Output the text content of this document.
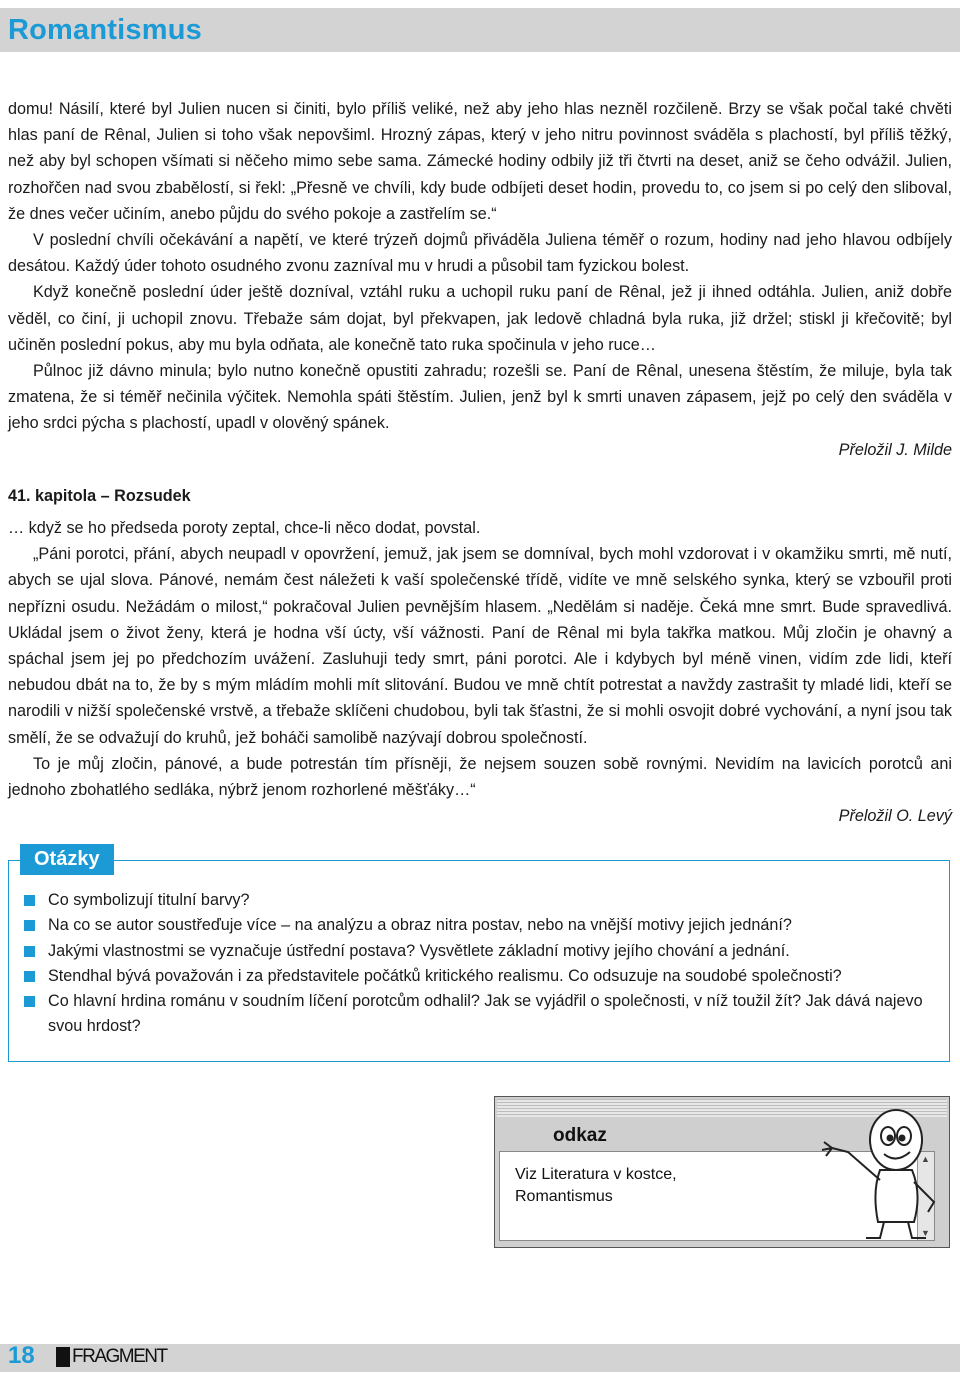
Romantismus

domu! Násilí, které byl Julien nucen si činiti, bylo příliš veliké, než aby jeho hlas nezněl rozčileně. Brzy se však počal také chvěti hlas paní de Rênal, Julien si toho však nepovšiml. Hrozný zápas, který v jeho nitru povinnost sváděla s plachostí, byl příliš těžký, než aby byl schopen všímati si něčeho mimo sebe sama. Zámecké hodiny odbily již tři čtvrti na deset, aniž se čeho odvážil. Julien, rozhořčen nad svou zbabělostí, si řekl: „Přesně ve chvíli, kdy bude odbíjeti deset hodin, provedu to, co jsem si po celý den sliboval, že dnes večer učiním, anebo půjdu do svého pokoje a zastřelím se.“

V poslední chvíli očekávání a napětí, ve které trýzeň dojmů přiváděla Juliena téměř o rozum, hodiny nad jeho hlavou odbíjely desátou. Každý úder tohoto osudného zvonu zazníval mu v hrudi a působil tam fyzickou bolest.

Když konečně poslední úder ještě dozníval, vztáhl ruku a uchopil ruku paní de Rênal, jež ji ihned odtáhla. Julien, aniž dobře věděl, co činí, ji uchopil znovu. Třebaže sám dojat, byl překvapen, jak ledově chladná byla ruka, již držel; stiskl ji křečovitě; byl učiněn poslední pokus, aby mu byla odňata, ale konečně tato ruka spočinula v jeho ruce…

Půlnoc již dávno minula; bylo nutno konečně opustiti zahradu; rozešli se. Paní de Rênal, unesena štěstím, že miluje, byla tak zmatena, že si téměř nečinila výčitek. Nemohla spáti štěstím. Julien, jenž byl k smrti unaven zápasem, jejž po celý den sváděla v jeho srdci pýcha s plachostí, upadl v olověný spánek.

Přeložil J. Milde

41. kapitola – Rozsudek

… když se ho předseda poroty zeptal, chce-li něco dodat, povstal.

„Páni porotci, přání, abych neupadl v opovržení, jemuž, jak jsem se domníval, bych mohl vzdorovat i v okamžiku smrti, mě nutí, abych se ujal slova. Pánové, nemám čest náležeti k vaší společenské třídě, vidíte ve mně selského synka, který se vzbouřil proti nepřízni osudu. Nežádám o milost,“ pokračoval Julien pevnějším hlasem. „Nedělám si naděje. Čeká mne smrt. Bude spravedlivá. Ukládal jsem o život ženy, která je hodna vší úcty, vší vážnosti. Paní de Rênal mi byla takřka matkou. Můj zločin je ohavný a spáchal jsem jej po předchozím uvážení. Zasluhuji tedy smrt, páni porotci. Ale i kdybych byl méně vinen, vidím zde lidi, kteří nebudou dbát na to, že by s mým mládím mohli mít slitování. Budou ve mně chtít potrestat a navždy zastrašit ty mladé lidi, kteří se narodili v nižší společenské vrstvě, a třebaže sklíčeni chudobou, byli tak šťastni, že si mohli osvojit dobré vychování, a nyní jsou tak smělí, že se odvažují do kruhů, jež boháči samolibě nazývají dobrou společností.

To je můj zločin, pánové, a bude potrestán tím přísněji, že nejsem souzen sobě rovnými. Nevidím na lavicích porotců ani jednoho zbohatlého sedláka, nýbrž jenom rozhorlené měšťáky…“

Přeložil O. Levý

Otázky
Co symbolizují titulní barvy?
Na co se autor soustřeďuje více – na analýzu a obraz nitra postav, nebo na vnější motivy jejich jednání?
Jakými vlastnostmi se vyznačuje ústřední postava? Vysvětlete základní motivy jejího chování a jednání.
Stendhal bývá považován i za představitele počátků kritického realismu. Co odsuzuje na soudobé společnosti?
Co hlavní hrdina románu v soudním líčení porotcům odhalil? Jak se vyjádřil o společnosti, v níž toužil žít? Jak dává najevo svou hrdost?
odkaz
Viz Literatura v kostce,
Romantismus
▲
▼
18 FRAGMENT
